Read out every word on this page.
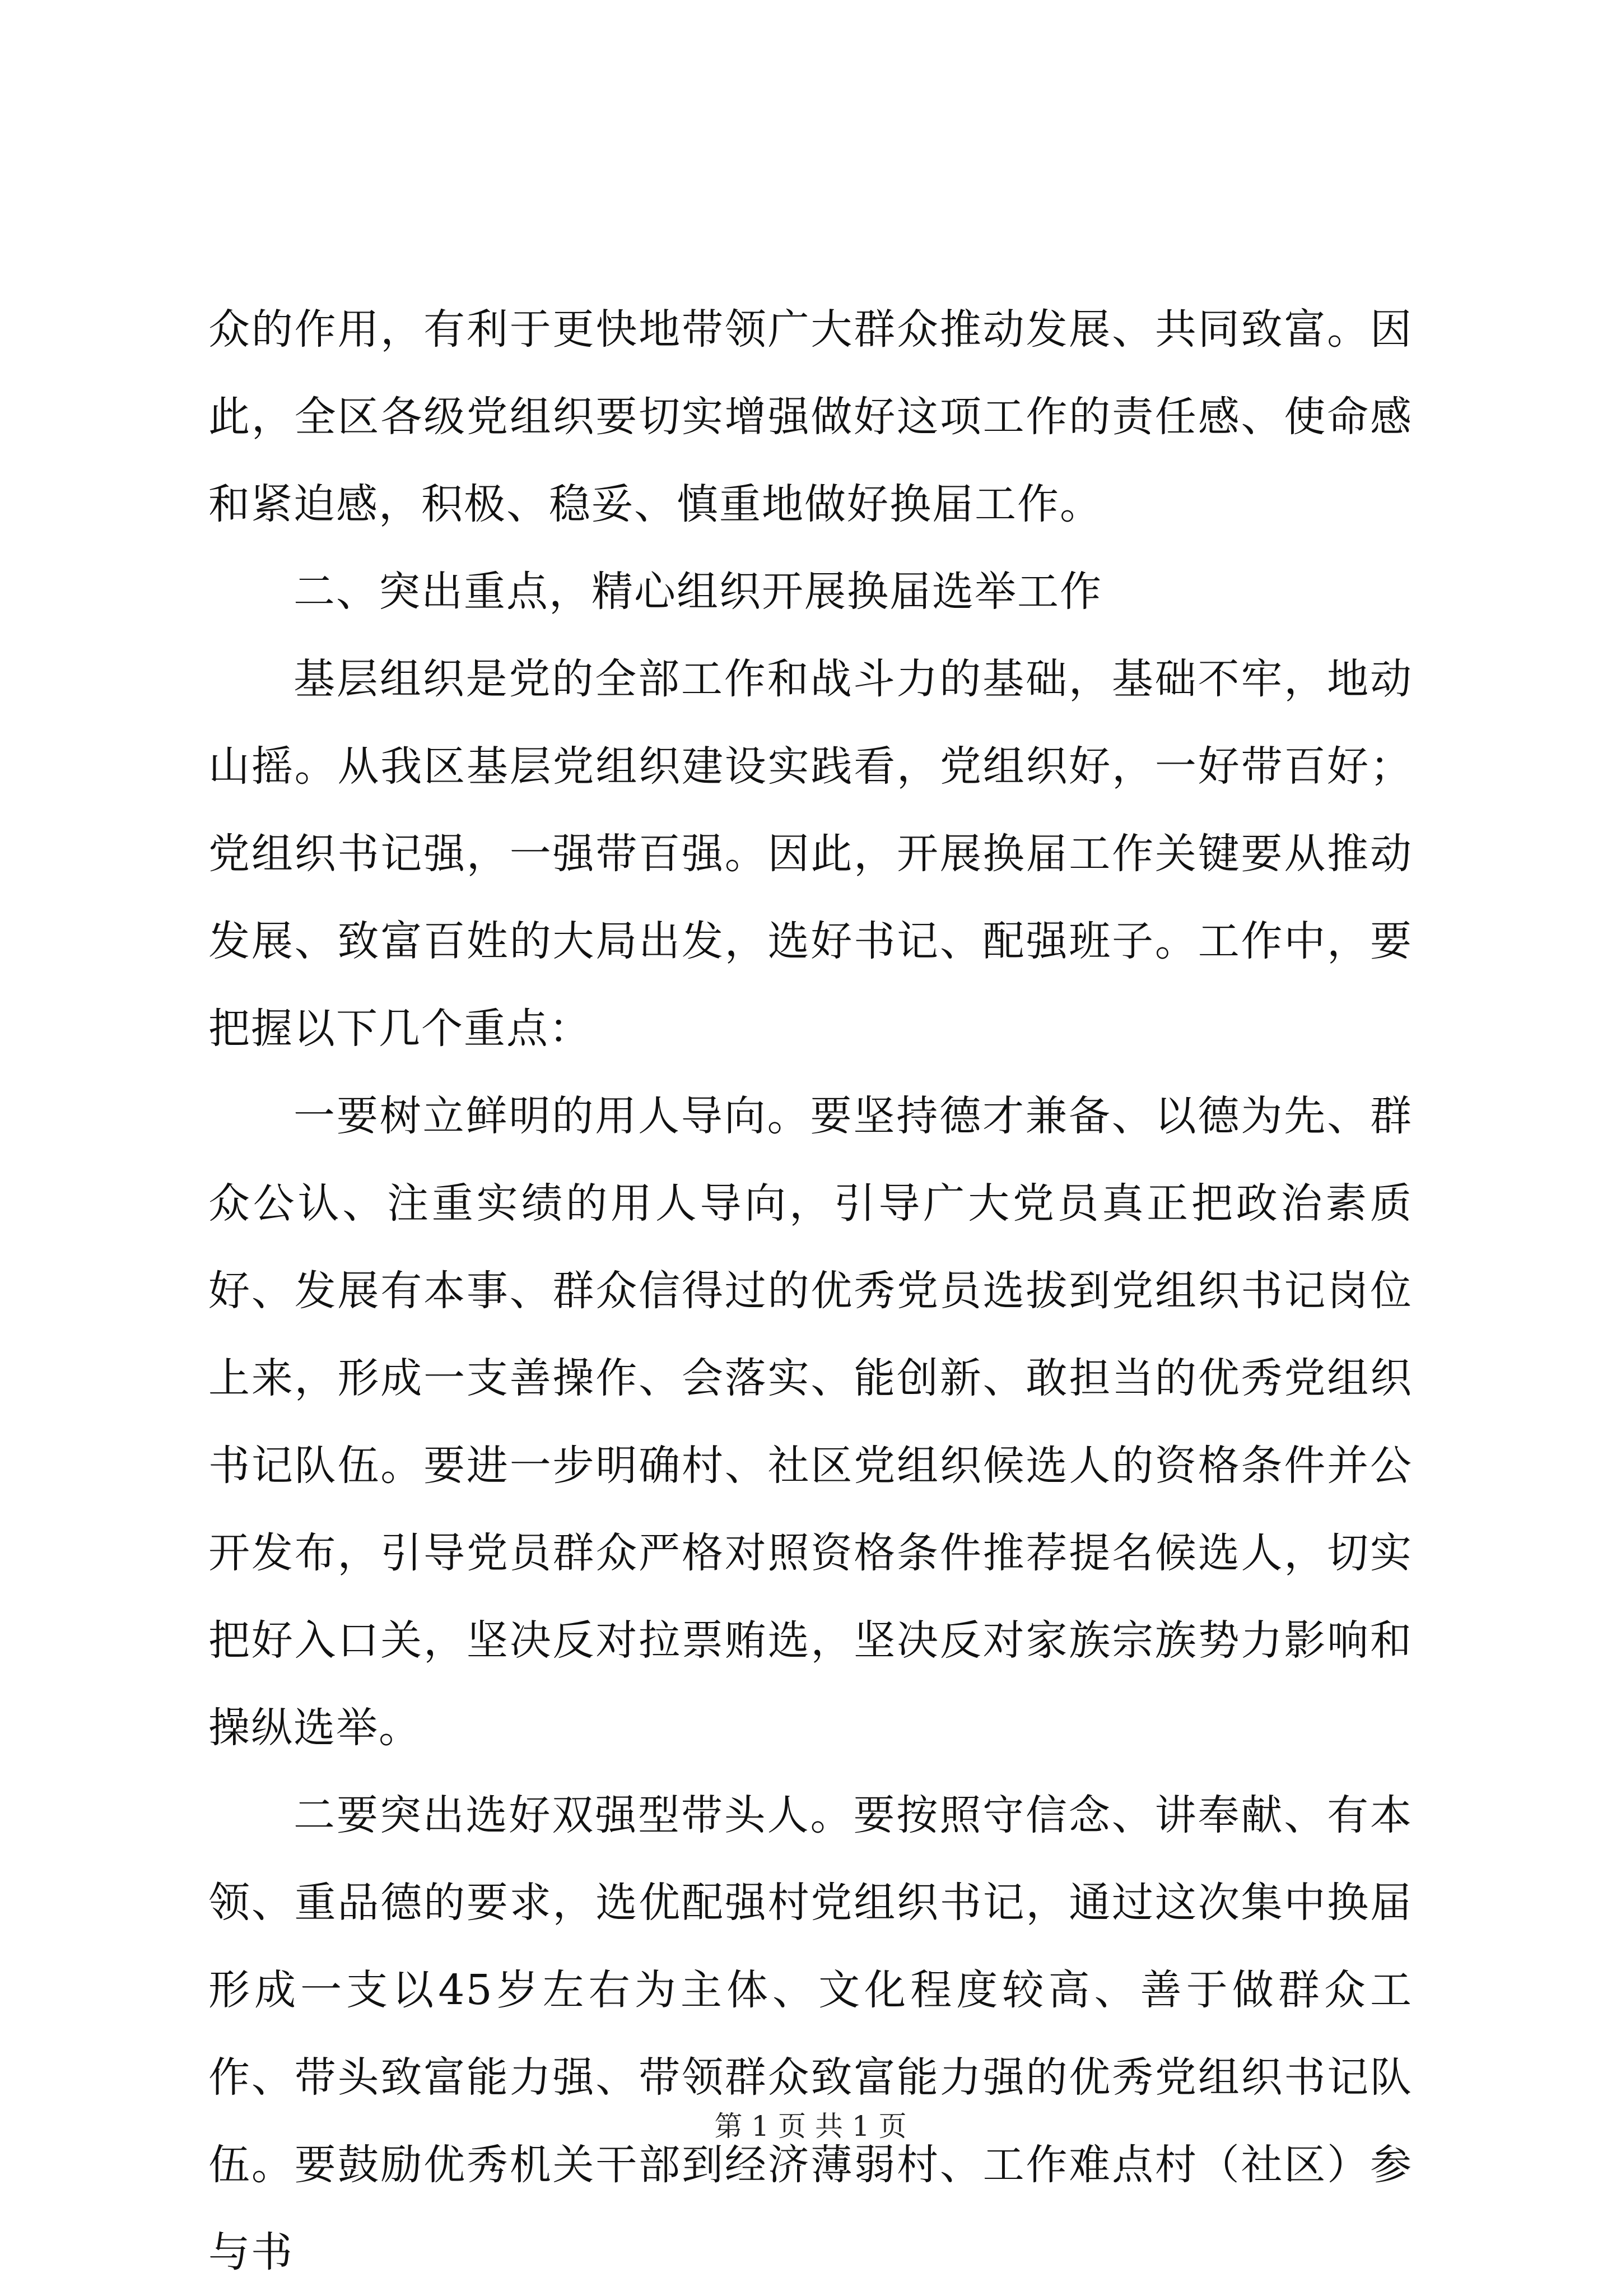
众的作用，有利于更快地带领广大群众推动发展、共同致富。因此，全区各级党组织要切实增强做好这项工作的责任感、使命感和紧迫感，积极、稳妥、慎重地做好换届工作。

二、突出重点，精心组织开展换届选举工作

基层组织是党的全部工作和战斗力的基础，基础不牢，地动山摇。从我区基层党组织建设实践看，党组织好，一好带百好；党组织书记强，一强带百强。因此，开展换届工作关键要从推动发展、致富百姓的大局出发，选好书记、配强班子。工作中，要把握以下几个重点：

一要树立鲜明的用人导向。要坚持德才兼备、以德为先、群众公认、注重实绩的用人导向，引导广大党员真正把政治素质好、发展有本事、群众信得过的优秀党员选拔到党组织书记岗位上来，形成一支善操作、会落实、能创新、敢担当的优秀党组织书记队伍。要进一步明确村、社区党组织候选人的资格条件并公开发布，引导党员群众严格对照资格条件推荐提名候选人，切实把好入口关，坚决反对拉票贿选，坚决反对家族宗族势力影响和操纵选举。

二要突出选好双强型带头人。要按照守信念、讲奉献、有本领、重品德的要求，选优配强村党组织书记，通过这次集中换届形成一支以45岁左右为主体、文化程度较高、善于做群众工作、带头致富能力强、带领群众致富能力强的优秀党组织书记队伍。要鼓励优秀机关干部到经济薄弱村、工作难点村（社区）参与书

第 1 页 共 1 页
